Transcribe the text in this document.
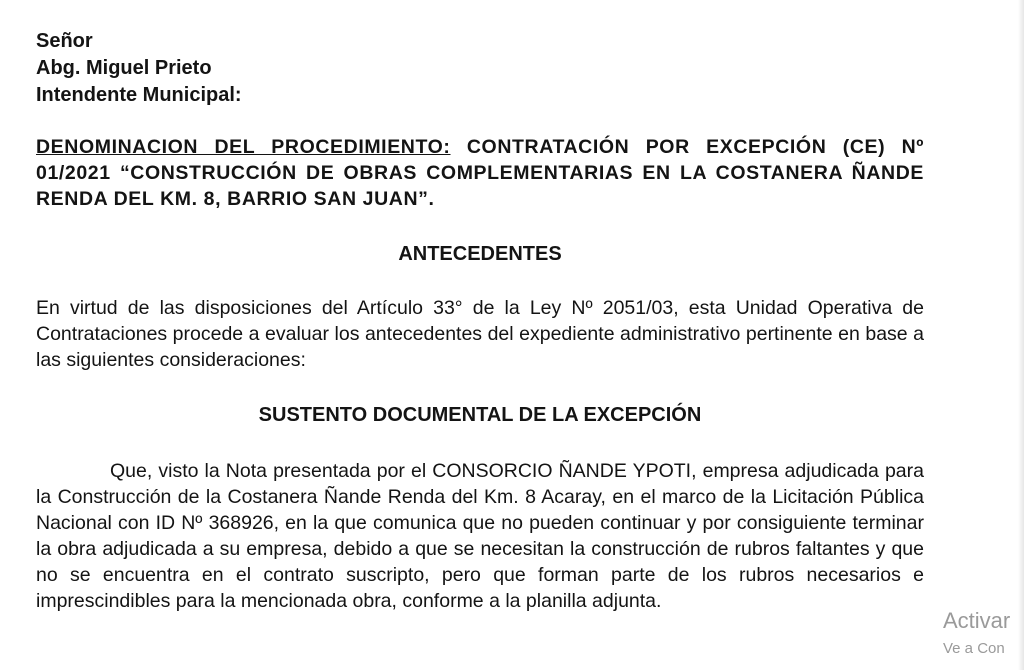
Señor
Abg. Miguel Prieto
Intendente Municipal:
DENOMINACION DEL PROCEDIMIENTO: CONTRATACIÓN POR EXCEPCIÓN (CE) Nº 01/2021 “CONSTRUCCIÓN DE OBRAS COMPLEMENTARIAS EN LA COSTANERA ÑANDE RENDA DEL KM. 8, BARRIO SAN JUAN”.
ANTECEDENTES
En virtud de las disposiciones del Artículo 33° de la Ley Nº 2051/03, esta Unidad Operativa de Contrataciones procede a evaluar los antecedentes del expediente administrativo pertinente en base a las siguientes consideraciones:
SUSTENTO DOCUMENTAL DE LA EXCEPCIÓN
Que, visto la Nota presentada por el CONSORCIO ÑANDE YPOTI, empresa adjudicada para la Construcción de la Costanera Ñande Renda del Km. 8 Acaray, en el marco de la Licitación Pública Nacional con ID Nº 368926, en la que comunica que no pueden continuar y por consiguiente terminar la obra adjudicada a su empresa, debido a que se necesitan la construcción de rubros faltantes y que no se encuentra en el contrato suscripto, pero que forman parte de los rubros necesarios e imprescindibles para la mencionada obra, conforme a la planilla adjunta.
Activar
Ve a Con
